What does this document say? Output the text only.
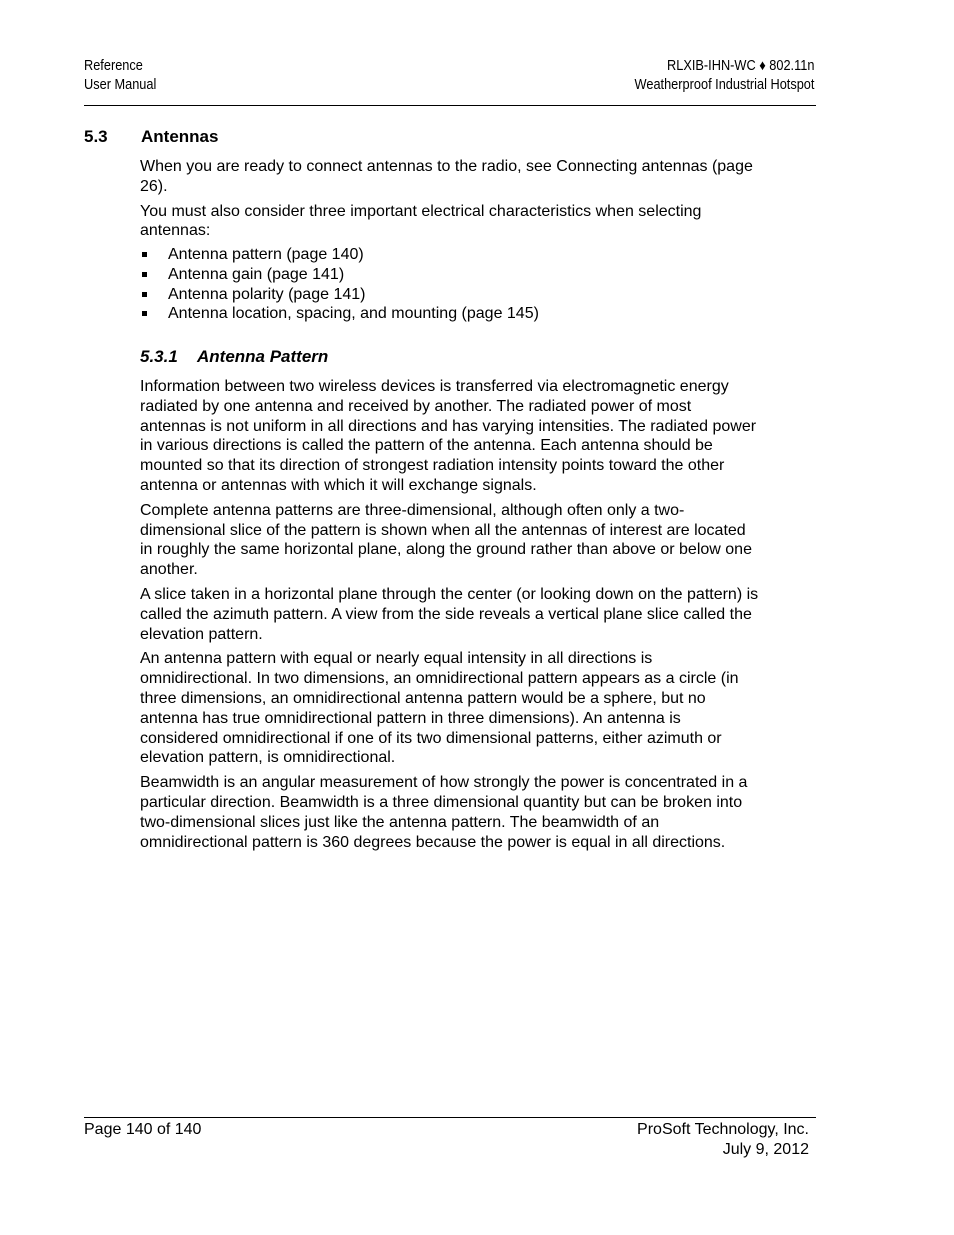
Reference
User Manual
RLXIB-IHN-WC ♦ 802.11n
Weatherproof Industrial Hotspot
5.3 Antennas

When you are ready to connect antennas to the radio, see Connecting antennas (page 26).

You must also consider three important electrical characteristics when selecting antennas:

Antenna pattern (page 140)
Antenna gain (page 141)
Antenna polarity (page 141)
Antenna location, spacing, and mounting (page 145)
5.3.1 Antenna Pattern

Information between two wireless devices is transferred via electromagnetic energy radiated by one antenna and received by another. The radiated power of most antennas is not uniform in all directions and has varying intensities. The radiated power in various directions is called the pattern of the antenna. Each antenna should be mounted so that its direction of strongest radiation intensity points toward the other antenna or antennas with which it will exchange signals.

Complete antenna patterns are three-dimensional, although often only a two-dimensional slice of the pattern is shown when all the antennas of interest are located in roughly the same horizontal plane, along the ground rather than above or below one another.

A slice taken in a horizontal plane through the center (or looking down on the pattern) is called the azimuth pattern. A view from the side reveals a vertical plane slice called the elevation pattern.

An antenna pattern with equal or nearly equal intensity in all directions is omnidirectional. In two dimensions, an omnidirectional pattern appears as a circle (in three dimensions, an omnidirectional antenna pattern would be a sphere, but no antenna has true omnidirectional pattern in three dimensions). An antenna is considered omnidirectional if one of its two dimensional patterns, either azimuth or elevation pattern, is omnidirectional.

Beamwidth is an angular measurement of how strongly the power is concentrated in a particular direction. Beamwidth is a three dimensional quantity but can be broken into two-dimensional slices just like the antenna pattern. The beamwidth of an omnidirectional pattern is 360 degrees because the power is equal in all directions.

Page 140 of 140	ProSoft Technology, Inc.
July 9, 2012
